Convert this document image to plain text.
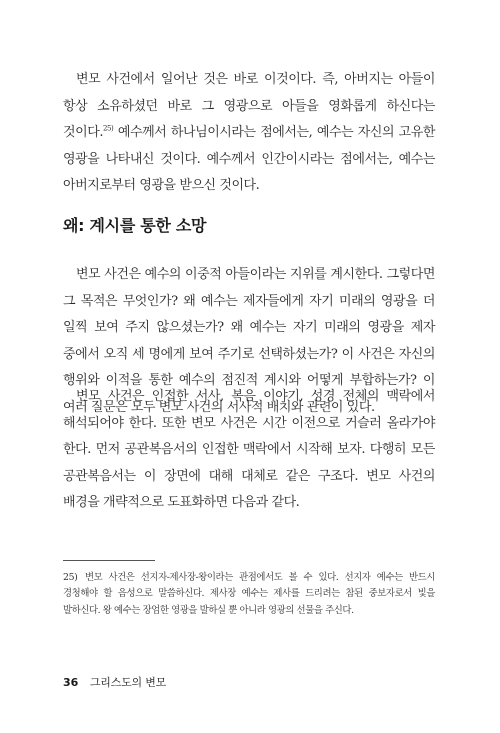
변모 사건에서 일어난 것은 바로 이것이다. 즉, 아버지는 아들이 항상 소유하셨던 바로 그 영광으로 아들을 영화롭게 하신다는 것이다.$^{25)}$ 예수께서 하나님이시라는 점에서는, 예수는 자신의 고유한 영광을 나타내신 것이다. 예수께서 인간이시라는 점에서는, 예수는 아버지로부터 영광을 받으신 것이다.

왜: 계시를 통한 소망

변모 사건은 예수의 이중적 아들이라는 지위를 계시한다. 그렇다면 그 목적은 무엇인가? 왜 예수는 제자들에게 자기 미래의 영광을 더 일찍 보여 주지 않으셨는가? 왜 예수는 자기 미래의 영광을 제자 중에서 오직 세 명에게 보여 주기로 선택하셨는가? 이 사건은 자신의 행위와 이적을 통한 예수의 점진적 계시와 어떻게 부합하는가? 이 여러 질문은 모두 변모 사건의 서사적 배치와 관련이 있다.

변모 사건은 인접한 서사, 복음 이야기, 성경 전체의 맥락에서 해석되어야 한다. 또한 변모 사건은 시간 이전으로 거슬러 올라가야 한다. 먼저 공관복음서의 인접한 맥락에서 시작해 보자. 다행히 모든 공관복음서는 이 장면에 대해 대체로 같은 구조다. 변모 사건의 배경을 개략적으로 도표화하면 다음과 같다.

25) 변모 사건은 선지자-제사장-왕이라는 관점에서도 볼 수 있다. 선지자 예수는 반드시 경청해야 할 음성으로 말씀하신다. 제사장 예수는 제사를 드리려는 참된 중보자로서 빛을 발하신다. 왕 예수는 장엄한 영광을 발하실 뿐 아니라 영광의 선물을 주신다.

36 그리스도의 변모
